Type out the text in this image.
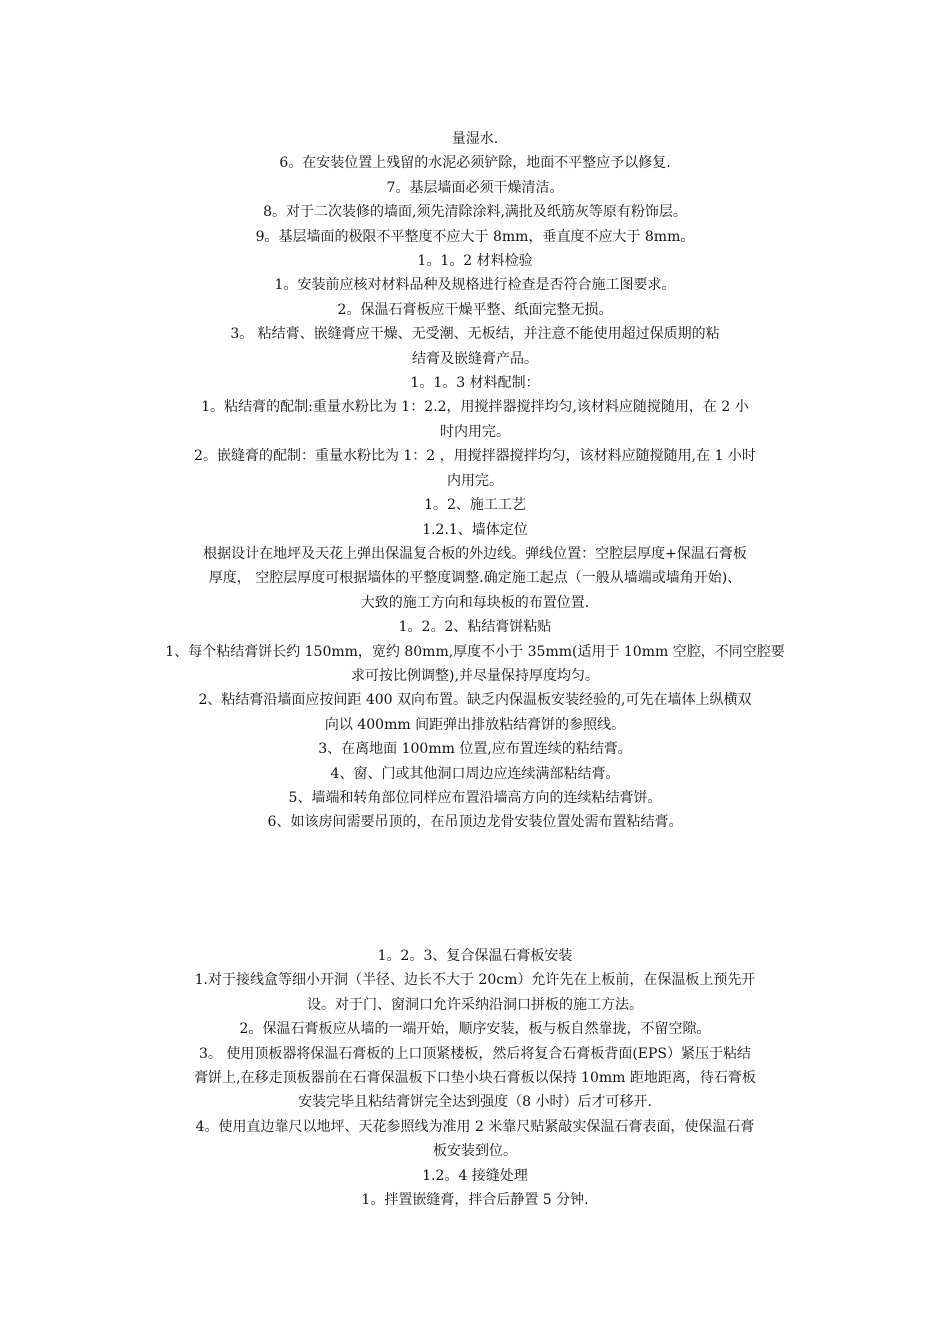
量湿水.

6。在安装位置上残留的水泥必须铲除，地面不平整应予以修复.

7。基层墙面必须干燥清洁。

8。对于二次装修的墙面,须先清除涂料,满批及纸筋灰等原有粉饰层。

9。基层墙面的极限不平整度不应大于 8mm，垂直度不应大于 8mm。

1。1。2 材料检验

1。安装前应核对材料品种及规格进行检查是否符合施工图要求。

2。保温石膏板应干燥平整、纸面完整无损。

3。 粘结膏、嵌缝膏应干燥、无受潮、无板结，并注意不能使用超过保质期的粘

结膏及嵌缝膏产品。

1。1。3 材料配制：

1。粘结膏的配制:重量水粉比为 1：2.2，用搅拌器搅拌均匀,该材料应随搅随用，在 2 小

时内用完。

2。嵌缝膏的配制：重量水粉比为 1：2 ，用搅拌器搅拌均匀，该材料应随搅随用,在 1 小时

内用完。

1。2、施工工艺

1.2.1、墙体定位

根据设计在地坪及天花上弹出保温复合板的外边线。弹线位置：空腔层厚度+保温石膏板

厚度， 空腔层厚度可根据墙体的平整度调整.确定施工起点（一般从墙端或墙角开始)、

大致的施工方向和每块板的布置位置.

1。2。2、粘结膏饼粘贴

1、每个粘结膏饼长约 150mm，宽约 80mm,厚度不小于 35mm(适用于 10mm 空腔，不同空腔要

求可按比例调整),并尽量保持厚度均匀。

2、粘结膏沿墙面应按间距 400 双向布置。缺乏内保温板安装经验的,可先在墙体上纵横双

向以 400mm 间距弹出排放粘结膏饼的参照线。

3、在离地面 100mm 位置,应布置连续的粘结膏。

4、窗、门或其他洞口周边应连续满部粘结膏。

5、墙端和转角部位同样应布置沿墙高方向的连续粘结膏饼。

6、如该房间需要吊顶的，在吊顶边龙骨安装位置处需布置粘结膏。

1。2。3、复合保温石膏板安装

1.对于接线盒等细小开洞（半径、边长不大于 20cm）允许先在上板前，在保温板上预先开

设。对于门、窗洞口允许采纳沿洞口拼板的施工方法。

2。保温石膏板应从墙的一端开始，顺序安装，板与板自然靠拢，不留空隙。

3。 使用顶板器将保温石膏板的上口顶紧楼板，然后将复合石膏板背面(EPS）紧压于粘结

膏饼上,在移走顶板器前在石膏保温板下口垫小块石膏板以保持 10mm 距地距离，待石膏板

安装完毕且粘结膏饼完全达到强度（8 小时）后才可移开.

4。使用直边靠尺以地坪、天花参照线为准用 2 米靠尺贴紧敲实保温石膏表面，使保温石膏

板安装到位。

1.2。4 接缝处理

1。拌置嵌缝膏，拌合后静置 5 分钟.
